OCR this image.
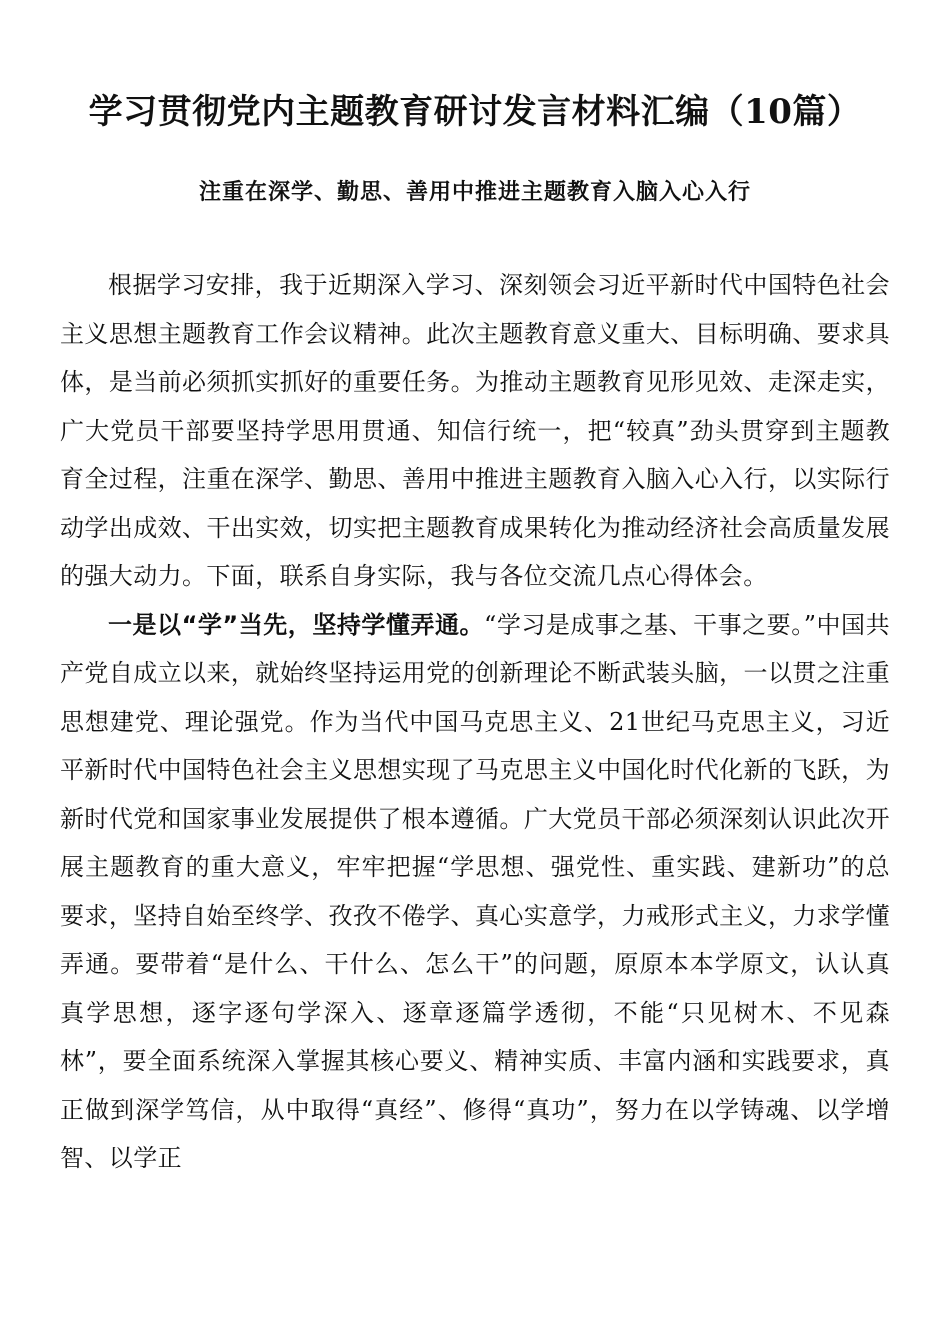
学习贯彻党内主题教育研讨发言材料汇编（10篇）
注重在深学、勤思、善用中推进主题教育入脑入心入行

根据学习安排，我于近期深入学习、深刻领会习近平新时代中国特色社会主义思想主题教育工作会议精神。此次主题教育意义重大、目标明确、要求具体，是当前必须抓实抓好的重要任务。为推动主题教育见形见效、走深走实，广大党员干部要坚持学思用贯通、知信行统一，把“较真”劲头贯穿到主题教育全过程，注重在深学、勤思、善用中推进主题教育入脑入心入行，以实际行动学出成效、干出实效，切实把主题教育成果转化为推动经济社会高质量发展的强大动力。下面，联系自身实际，我与各位交流几点心得体会。

一是以“学”当先，坚持学懂弄通。“学习是成事之基、干事之要。”中国共产党自成立以来，就始终坚持运用党的创新理论不断武装头脑，一以贯之注重思想建党、理论强党。作为当代中国马克思主义、21世纪马克思主义，习近平新时代中国特色社会主义思想实现了马克思主义中国化时代化新的飞跃，为新时代党和国家事业发展提供了根本遵循。广大党员干部必须深刻认识此次开展主题教育的重大意义，牢牢把握“学思想、强党性、重实践、建新功”的总要求，坚持自始至终学、孜孜不倦学、真心实意学，力戒形式主义，力求学懂弄通。要带着“是什么、干什么、怎么干”的问题，原原本本学原文，认认真真学思想，逐字逐句学深入、逐章逐篇学透彻，不能“只见树木、不见森林”，要全面系统深入掌握其核心要义、精神实质、丰富内涵和实践要求，真正做到深学笃信，从中取得“真经”、修得“真功”，努力在以学铸魂、以学增智、以学正
